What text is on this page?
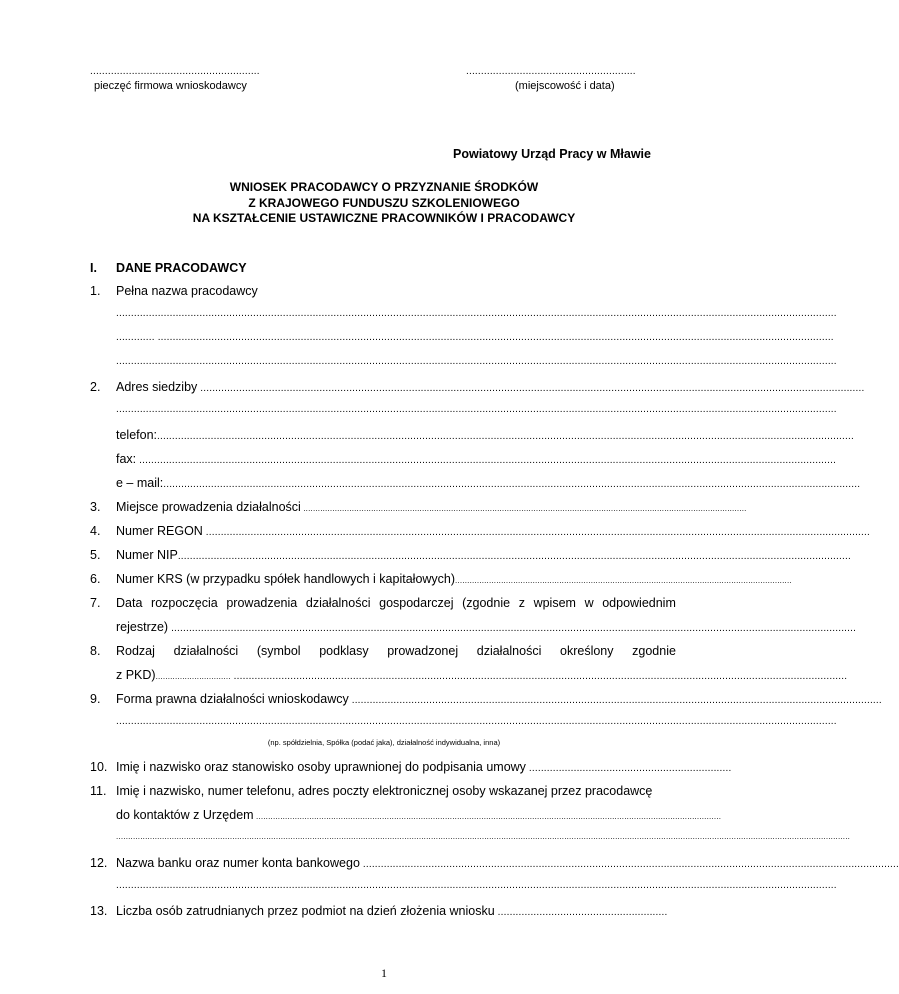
.........................................................
pieczęć firmowa wnioskodawcy
.........................................................
(miejscowość i data)
Powiatowy Urząd Pracy w Mławie
WNIOSEK PRACODAWCY O PRZYZNANIE ŚRODKÓW
Z KRAJOWEGO FUNDUSZU SZKOLENIOWEGO
NA KSZTAŁCENIE USTAWICZNE PRACOWNIKÓW I PRACODAWCY
I. DANE PRACODAWCY
1. Pełna nazwa pracodawcy
..................................................................................................................................................................................................................................................
............. ...................................................................................................................................................................................................................................
..................................................................................................................................................................................................................................................
2. Adres siedziby ...............................................................................................................................................................................................................................
..................................................................................................................................................................................................................................................
telefon:..........................................................................................................................................................................................................................................
fax: ..........................................................................................................................................................................................................................................
e – mail:..........................................................................................................................................................................................................................................
3. Miejsce prowadzenia działalności .......................................................................................................................................................................................
4. Numer REGON ...............................................................................................................................................................................................................................
5. Numer NIP..................................................................................................................................................................................................................................
6. Numer KRS (w przypadku spółek handlowych i kapitałowych)...........................................................................................................................................
7. Data rozpoczęcia prowadzenia działalności gospodarczej (zgodnie z wpisem w odpowiednim
rejestrze) ......................................................................................................................................................................................................................................
8. Rodzaj działalności (symbol podklasy prowadzonej działalności określony zgodnie
z PKD)............................... ..............................................................................................................................................................................................................
9. Forma prawna działalności wnioskodawcy ..................................................................................................................................................................................
..................................................................................................................................................................................................................................................
(np. spółdzielnia, Spółka (podać jaka), działalność indywidualna, inna)
10. Imię i nazwisko oraz stanowisko osoby uprawnionej do podpisania umowy ....................................................................
11. Imię i nazwisko, numer telefonu, adres poczty elektronicznej osoby wskazanej przez pracodawcę
do kontaktów z Urzędem ................................................................................................................................................................................................
...............................................................................................................................................................................................................................................................................................................
12. Nazwa banku oraz numer konta bankowego ....................................................................................................................................................................................
..................................................................................................................................................................................................................................................
13. Liczba osób zatrudnianych przez podmiot na dzień złożenia wniosku .........................................................
1
